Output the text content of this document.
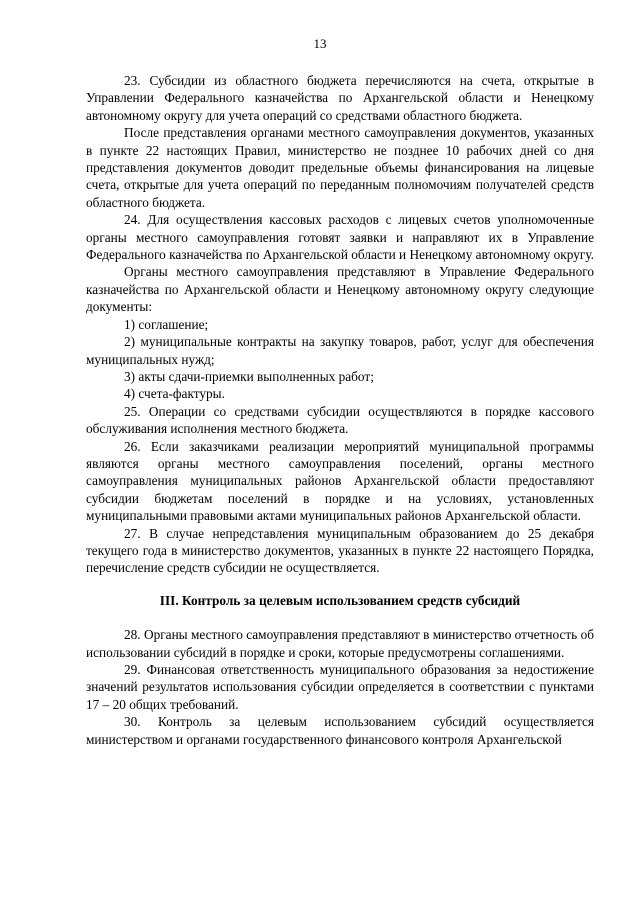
13

23. Субсидии из областного бюджета перечисляются на счета, открытые в Управлении Федерального казначейства по Архангельской области и Ненецкому автономному округу для учета операций со средствами областного бюджета.

После представления органами местного самоуправления документов, указанных в пункте 22 настоящих Правил, министерство не позднее 10 рабочих дней со дня представления документов доводит предельные объемы финансирования на лицевые счета, открытые для учета операций по переданным полномочиям получателей средств областного бюджета.

24. Для осуществления кассовых расходов с лицевых счетов уполномоченные органы местного самоуправления готовят заявки и направляют их в Управление Федерального казначейства по Архангельской области и Ненецкому автономному округу.

Органы местного самоуправления представляют в Управление Федерального казначейства по Архангельской области и Ненецкому автономному округу следующие документы:

1) соглашение;

2) муниципальные контракты на закупку товаров, работ, услуг для обеспечения муниципальных нужд;

3) акты сдачи-приемки выполненных работ;

4) счета-фактуры.

25. Операции со средствами субсидии осуществляются в порядке кассового обслуживания исполнения местного бюджета.

26. Если заказчиками реализации мероприятий муниципальной программы являются органы местного самоуправления поселений, органы местного самоуправления муниципальных районов Архангельской области предоставляют субсидии бюджетам поселений в порядке и на условиях, установленных муниципальными правовыми актами муниципальных районов Архангельской области.

27. В случае непредставления муниципальным образованием до 25 декабря текущего года в министерство документов, указанных в пункте 22 настоящего Порядка, перечисление средств субсидии не осуществляется.

III. Контроль за целевым использованием средств субсидий

28. Органы местного самоуправления представляют в министерство отчетность об использовании субсидий в порядке и сроки, которые предусмотрены соглашениями.

29. Финансовая ответственность муниципального образования за недостижение значений результатов использования субсидии определяется в соответствии с пунктами 17 – 20 общих требований.

30. Контроль за целевым использованием субсидий осуществляется министерством и органами государственного финансового контроля Архангельской
